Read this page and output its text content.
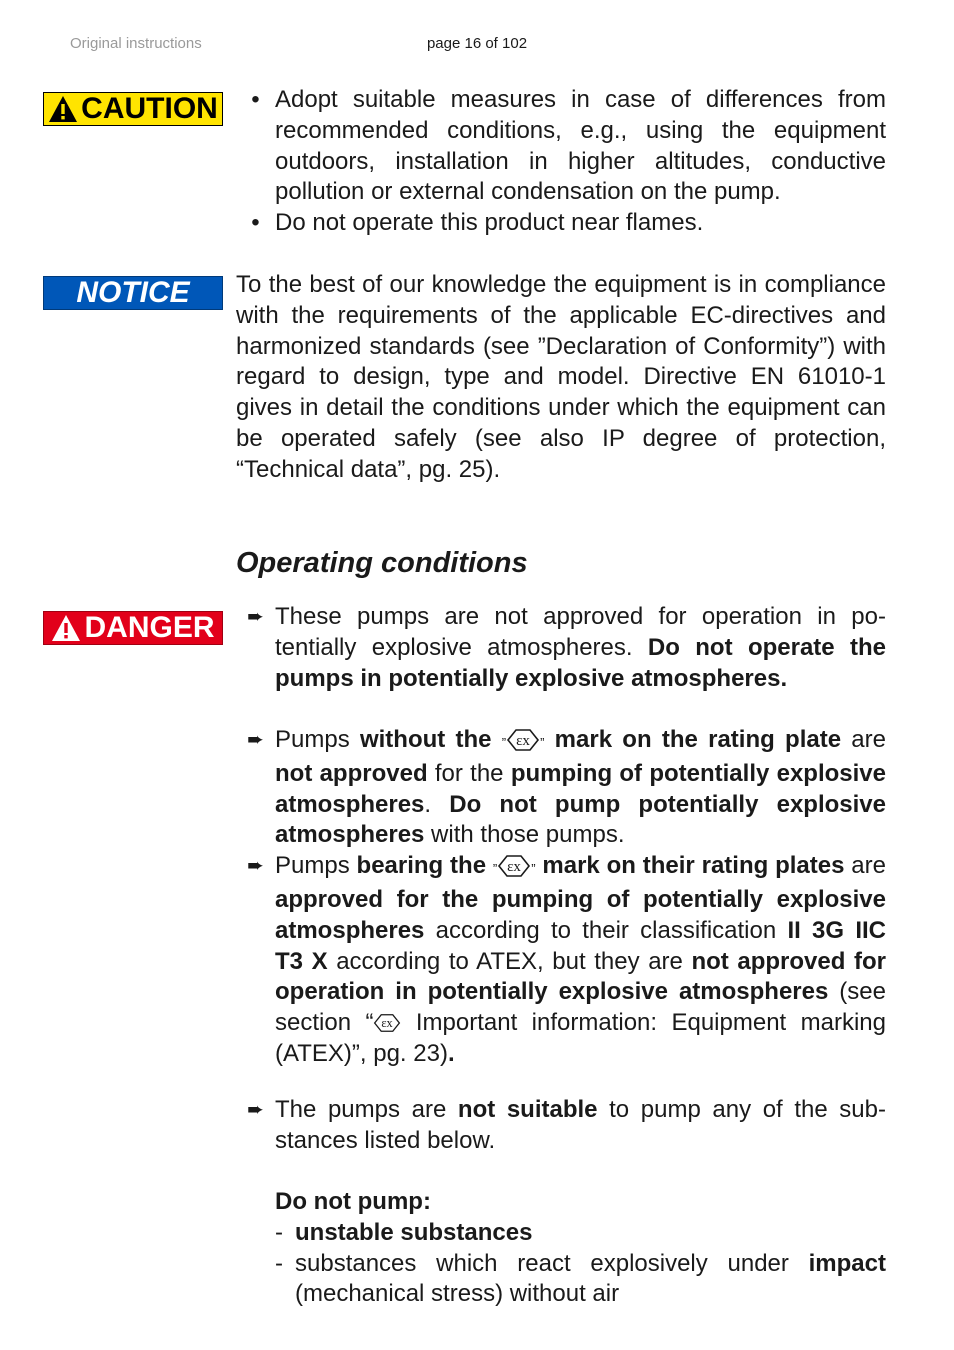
Original instructions	page 16 of 102
CAUTION	• Adopt suitable measures in case of differences from recommended conditions, e.g., using the equipment outdoors, installation in higher altitudes, conductive pollution or external condensation on the pump.
• Do not operate this product near flames.
NOTICE To the best of our knowledge the equipment is in compliance with the requirements of the applicable EC-directives and harmonized standards (see ”Declaration of Conformity”) with regard to design, type and model. Directive EN 61010-1 gives in detail the conditions under which the equipment can be operated safely (see also IP degree of protection, “Technical data”, pg. 25).
Operating conditions
DANGER	➨ These pumps are not approved for operation in potentially explosive atmospheres. Do not operate the pumps in potentially explosive atmospheres.
➨ Pumps without the ” εx ” mark on the rating plate are not approved for the pumping of potentially explosive atmospheres. Do not pump potentially explosive atmospheres with those pumps.
➨ Pumps bearing the ” εx ” mark on their rating plates are approved for the pumping of potentially explosive atmospheres according to their classification II 3G IIC T3 X according to ATEX, but they are not approved for operation in potentially explosive atmospheres (see section “ εx Important information: Equipment marking (ATEX)”, pg. 23).
➨ The pumps are not suitable to pump any of the substances listed below.
Do not pump:
- unstable substances
- substances which react explosively under impact (mechanical stress) without air
